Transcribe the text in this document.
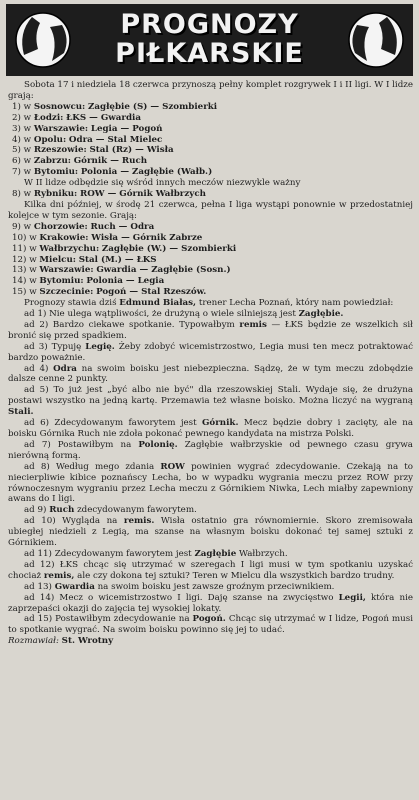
PROGNOZY
PIŁKARSKIE

Sobota 17 i niedziela 18 czerwca przynoszą pełny komplet rozgrywek I i II ligi. W I lidze grają:

1) w Sosnowcu: Zagłębie (S) — Szombierki

2) w Łodzi: ŁKS — Gwardia

3) w Warszawie: Legia — Pogoń

4) w Opolu: Odra — Stal Mielec

5) w Rzeszowie: Stal (Rz) — Wisła

6) w Zabrzu: Górnik — Ruch

7) w Bytomiu: Polonia — Zagłębie (Wałb.)

W II lidze odbędzie się wśród innych meczów niezwykle ważny

8) w Rybniku: ROW — Górnik Wałbrzych

Kilka dni później, w środę 21 czerwca, pełna I liga wystąpi ponownie w przedostatniej kolejce w tym sezonie. Grają:

9) w Chorzowie: Ruch — Odra

10) w Krakowie: Wisła — Górnik Zabrze

11) w Wałbrzychu: Zagłębie (W.) — Szombierki

12) w Mielcu: Stal (M.) — ŁKS

13) w Warszawie: Gwardia — Zagłębie (Sosn.)

14) w Bytomiu: Polonia — Legia

15) w Szczecinie: Pogoń — Stal Rzeszów.

Prognozy stawia dziś Edmund Białas, trener Lecha Poznań, który nam powiedział:

ad 1) Nie ulega wątpliwości, że drużyną o wiele silniejszą jest Zagłębie.

ad 2) Bardzo ciekawe spotkanie. Typowałbym remis — ŁKS będzie ze wszelkich sił bronić się przed spadkiem.

ad 3) Typuję Legię. Żeby zdobyć wicemistrzostwo, Legia musi ten mecz potraktować bardzo poważnie.

ad 4) Odra na swoim boisku jest niebezpieczna. Sądzę, że w tym meczu zdobędzie dalsze cenne 2 punkty.

ad 5) To już jest „być albo nie być" dla rzeszowskiej Stali. Wydaje się, że drużyna postawi wszystko na jedną kartę. Przemawia też własne boisko. Można liczyć na wygraną Stali.

ad 6) Zdecydowanym faworytem jest Górnik. Mecz będzie dobry i zacięty, ale na boisku Górnika Ruch nie zdoła pokonać pewnego kandydata na mistrza Polski.

ad 7) Postawiłbym na Polonię. Zagłębie wałbrzyskie od pewnego czasu grywa nierówną formą.

ad 8) Według mego zdania ROW powinien wygrać zdecydowanie. Czekają na to niecierpliwie kibice poznańscy Lecha, bo w wypadku wygrania meczu przez ROW przy równoczesnym wygraniu przez Lecha meczu z Górnikiem Niwka, Lech miałby zapewniony awans do I ligi.

ad 9) Ruch zdecydowanym faworytem.

ad 10) Wygląda na remis. Wisła ostatnio gra równomiernie. Skoro zremisowała ubiegłej niedzieli z Legią, ma szanse na własnym boisku dokonać tej samej sztuki z Górnikiem.

ad 11) Zdecydowanym faworytem jest Zagłębie Wałbrzych.

ad 12) ŁKS chcąc się utrzymać w szeregach I ligi musi w tym spotkaniu uzyskać chociaż remis, ale czy dokona tej sztuki? Teren w Mielcu dla wszystkich bardzo trudny.

ad 13) Gwardia na swoim boisku jest zawsze groźnym przeciwnikiem.

ad 14) Mecz o wicemistrzostwo I ligi. Daję szanse na zwycięstwo Legii, która nie zaprzepaści okazji do zajęcia tej wysokiej lokaty.

ad 15) Postawiłbym zdecydowanie na Pogoń. Chcąc się utrzymać w I lidze, Pogoń musi to spotkanie wygrać. Na swoim boisku powinno się jej to udać.

Rozmawiał: St. Wrotny
